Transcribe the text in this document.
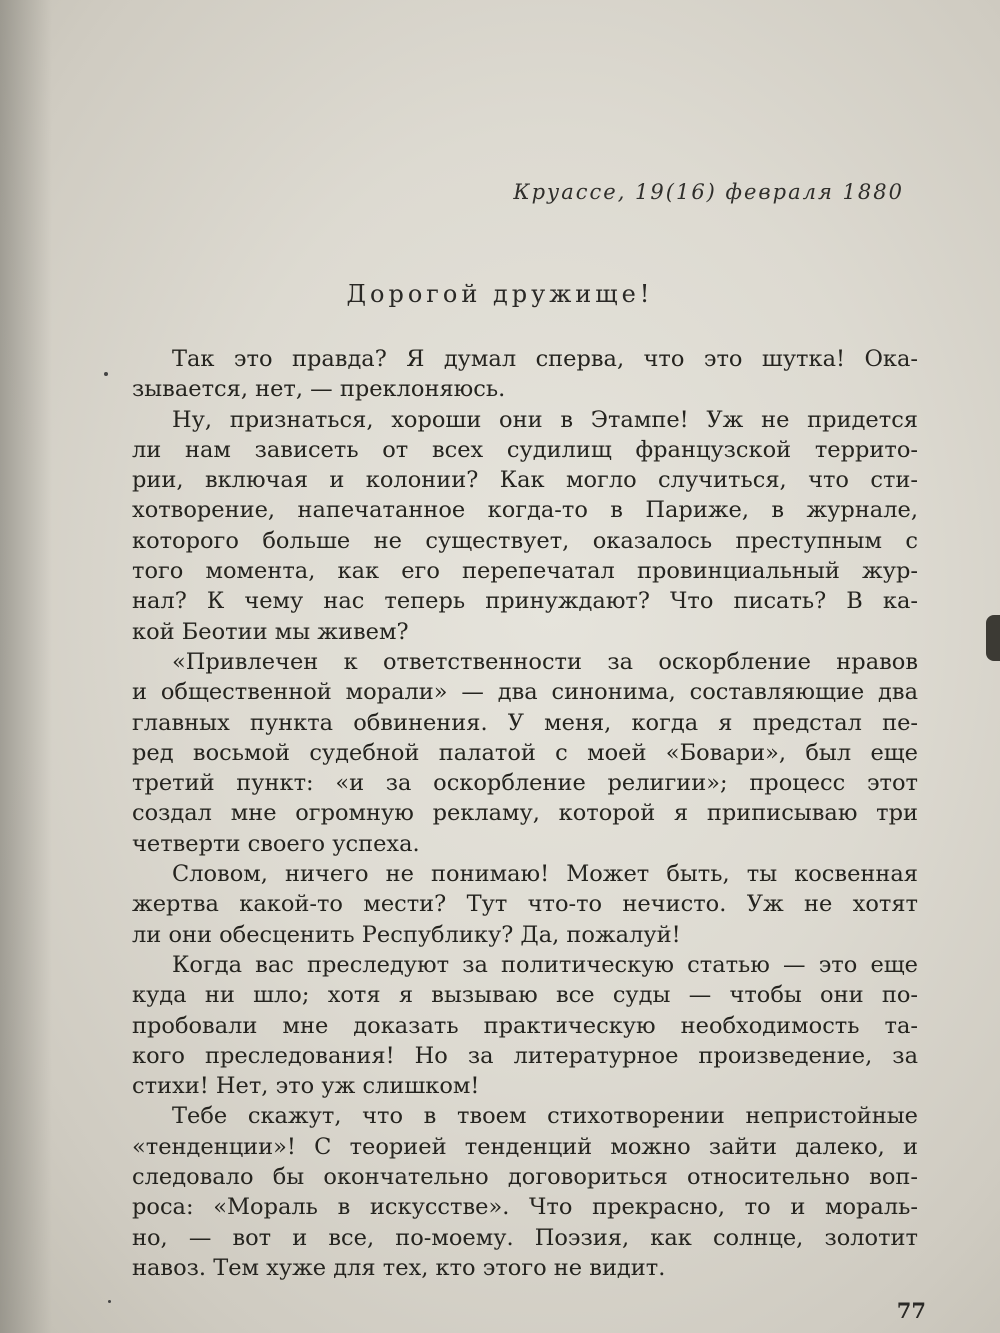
Круассе, 19(16) февраля 1880
Дорогой дружище!
Так это правда? Я думал сперва, что это шутка! Ока-
зывается, нет, — преклоняюсь.
Ну, признаться, хороши они в Этампе! Уж не придется
ли нам зависеть от всех судилищ французской террито-
рии, включая и колонии? Как могло случиться, что сти-
хотворение, напечатанное когда-то в Париже, в журнале,
которого больше не существует, оказалось преступным с
того момента, как его перепечатал провинциальный жур-
нал? К чему нас теперь принуждают? Что писать? В ка-
кой Беотии мы живем?
«Привлечен к ответственности за оскорбление нравов
и общественной морали» — два синонима, составляющие два
главных пункта обвинения. У меня, когда я предстал пе-
ред восьмой судебной палатой с моей «Бовари», был еще
третий пункт: «и за оскорбление религии»; процесс этот
создал мне огромную рекламу, которой я приписываю три
четверти своего успеха.
Словом, ничего не понимаю! Может быть, ты косвенная
жертва какой-то мести? Тут что-то нечисто. Уж не хотят
ли они обесценить Республику? Да, пожалуй!
Когда вас преследуют за политическую статью — это еще
куда ни шло; хотя я вызываю все суды — чтобы они по-
пробовали мне доказать практическую необходимость та-
кого преследования! Но за литературное произведение, за
стихи! Нет, это уж слишком!
Тебе скажут, что в твоем стихотворении непристойные
«тенденции»! С теорией тенденций можно зайти далеко, и
следовало бы окончательно договориться относительно воп-
роса: «Мораль в искусстве». Что прекрасно, то и мораль-
но, — вот и все, по-моему. Поэзия, как солнце, золотит
навоз. Тем хуже для тех, кто этого не видит.
77
